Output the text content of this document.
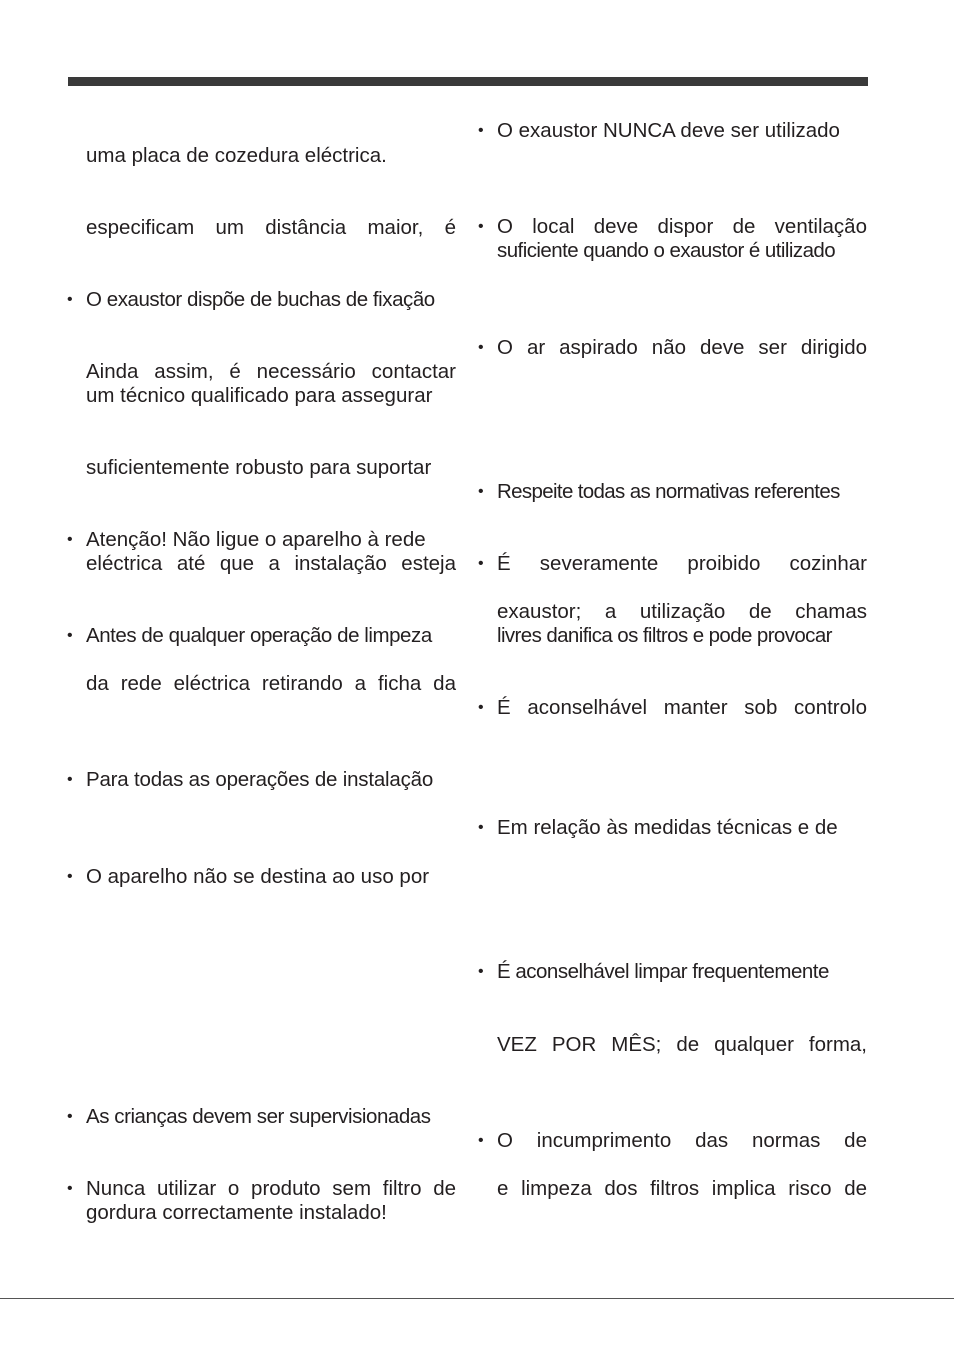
uma placa de cozedura eléctrica.
especificam um distância maior, é
• O exaustor dispõe de buchas de fixação
Ainda assim, é necessário contactar
um técnico qualificado para assegurar
suficientemente robusto para suportar
• Atenção! Não ligue o aparelho à rede
eléctrica até que a instalação esteja
• Antes de qualquer operação de limpeza
da rede eléctrica retirando a ficha da
• Para todas as operações de instalação
• O aparelho não se destina ao uso por
• As crianças devem ser supervisionadas
• Nunca utilizar o produto sem filtro de
gordura correctamente instalado!
• O exaustor NUNCA deve ser utilizado
• O local deve dispor de ventilação
suficiente quando o exaustor é utilizado
• O ar aspirado não deve ser dirigido
• Respeite todas as normativas referentes
• É severamente proibido cozinhar
exaustor; a utilização de chamas
livres danifica os filtros e pode provocar
• É aconselhável manter sob controlo
• Em relação às medidas técnicas e de
• É aconselhável limpar frequentemente
VEZ POR MÊS; de qualquer forma,
• O incumprimento das normas de
e limpeza dos filtros implica risco de
